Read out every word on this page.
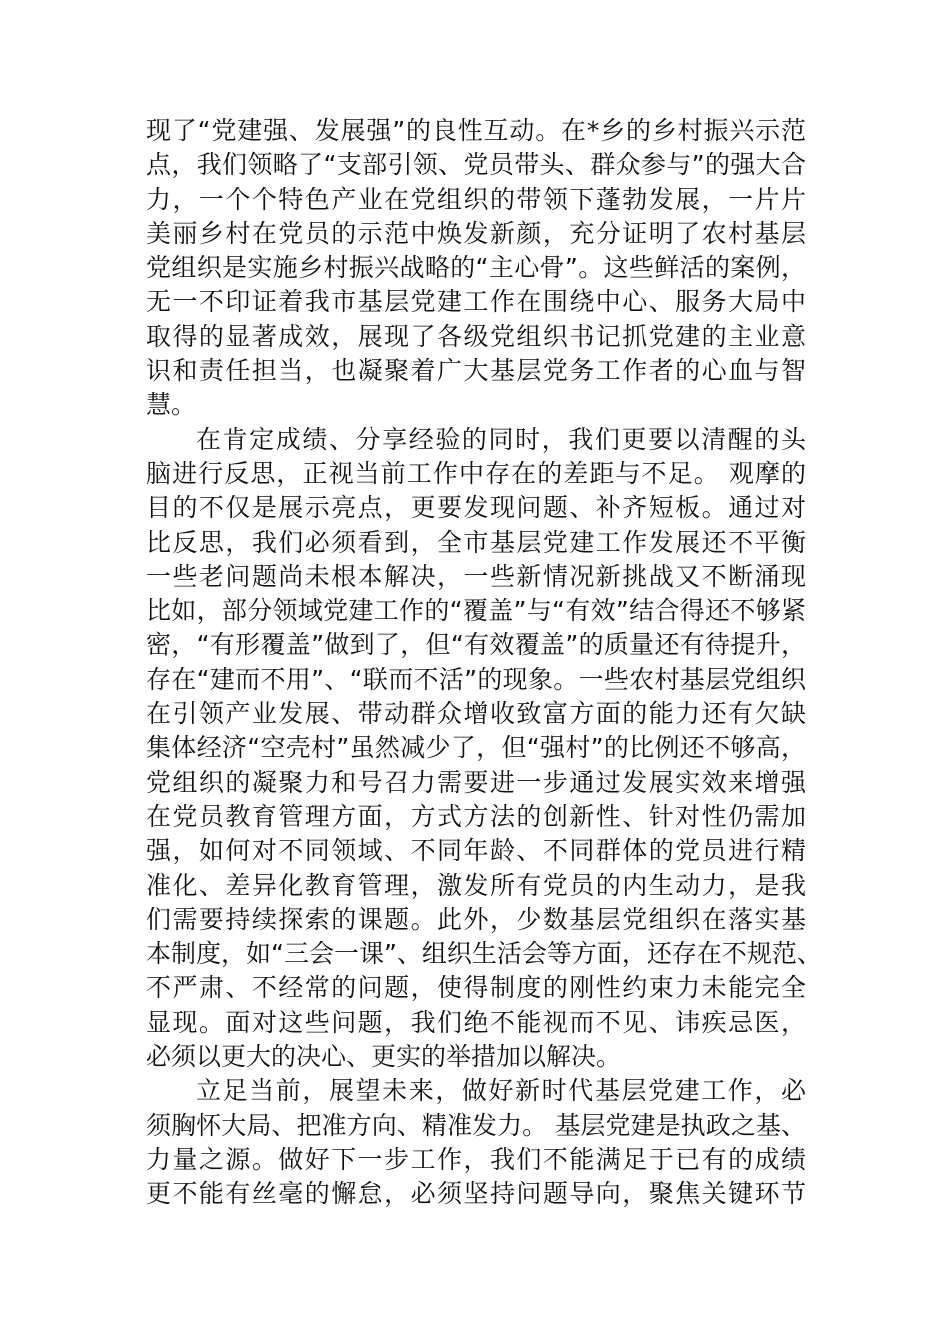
现了“党建强、发展强”的良性互动。在*乡的乡村振兴示范
点，我们领略了“支部引领、党员带头、群众参与”的强大合
力，一个个特色产业在党组织的带领下蓬勃发展，一片片
美丽乡村在党员的示范中焕发新颜，充分证明了农村基层
党组织是实施乡村振兴战略的“主心骨”。这些鲜活的案例，
无一不印证着我市基层党建工作在围绕中心、服务大局中
取得的显著成效，展现了各级党组织书记抓党建的主业意
识和责任担当，也凝聚着广大基层党务工作者的心血与智
慧。
在肯定成绩、分享经验的同时，我们更要以清醒的头
脑进行反思，正视当前工作中存在的差距与不足。 观摩的
目的不仅是展示亮点，更要发现问题、补齐短板。通过对
比反思，我们必须看到，全市基层党建工作发展还不平衡
一些老问题尚未根本解决，一些新情况新挑战又不断涌现
比如，部分领域党建工作的“覆盖”与“有效”结合得还不够紧
密，“有形覆盖”做到了，但“有效覆盖”的质量还有待提升，
存在“建而不用”、“联而不活”的现象。一些农村基层党组织
在引领产业发展、带动群众增收致富方面的能力还有欠缺
集体经济“空壳村”虽然减少了，但“强村”的比例还不够高，
党组织的凝聚力和号召力需要进一步通过发展实效来增强
在党员教育管理方面，方式方法的创新性、针对性仍需加
强，如何对不同领域、不同年龄、不同群体的党员进行精
准化、差异化教育管理，激发所有党员的内生动力，是我
们需要持续探索的课题。此外，少数基层党组织在落实基
本制度，如“三会一课”、组织生活会等方面，还存在不规范、
不严肃、不经常的问题，使得制度的刚性约束力未能完全
显现。面对这些问题，我们绝不能视而不见、讳疾忌医，
必须以更大的决心、更实的举措加以解决。
立足当前，展望未来，做好新时代基层党建工作，必
须胸怀大局、把准方向、精准发力。 基层党建是执政之基、
力量之源。做好下一步工作，我们不能满足于已有的成绩
更不能有丝毫的懈怠，必须坚持问题导向，聚焦关键环节
